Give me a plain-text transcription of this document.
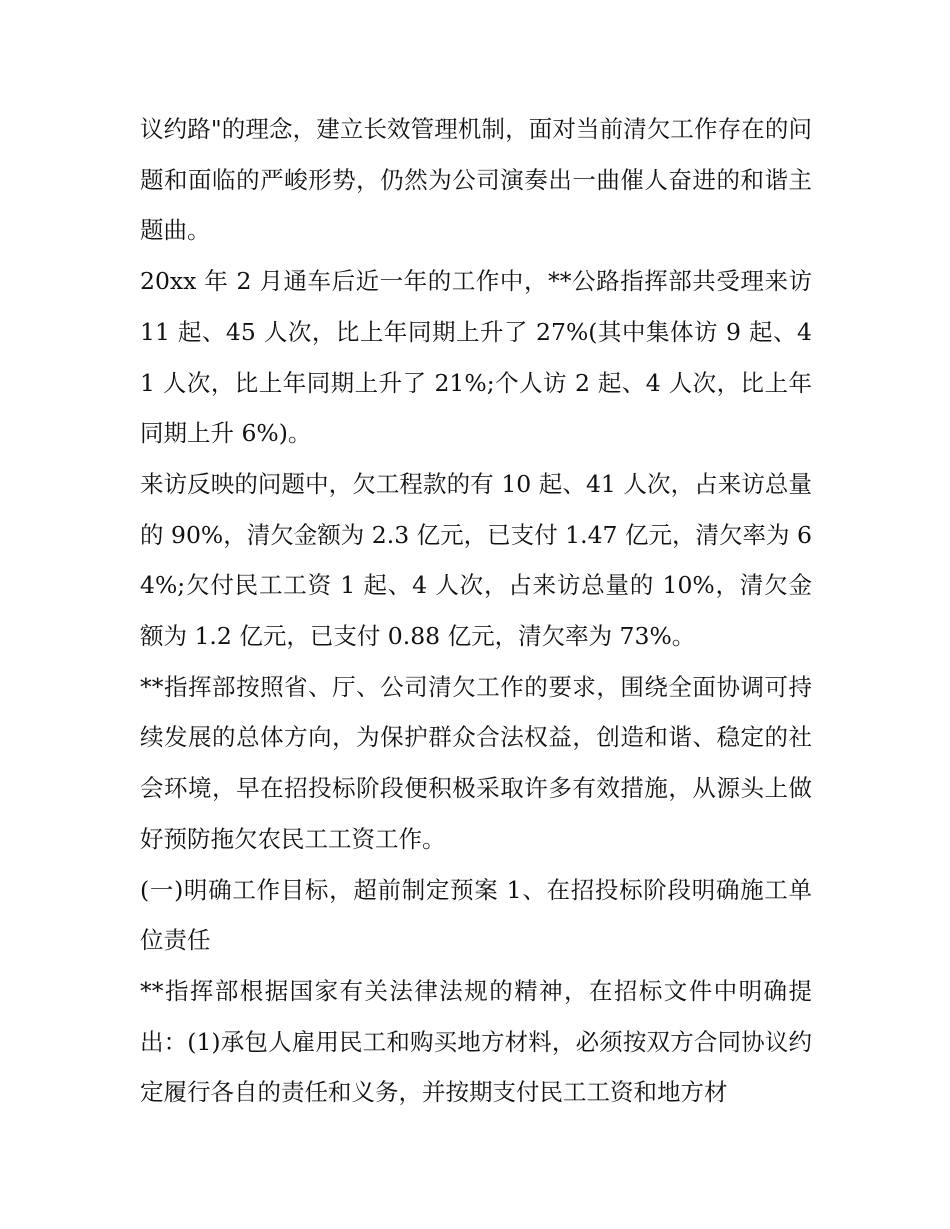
议约路"的理念，建立长效管理机制，面对当前清欠工作存在的问题和面临的严峻形势，仍然为公司演奏出一曲催人奋进的和谐主题曲。

20xx 年 2 月通车后近一年的工作中，**公路指挥部共受理来访 11 起、45 人次，比上年同期上升了 27%(其中集体访 9 起、41 人次，比上年同期上升了 21%;个人访 2 起、4 人次，比上年同期上升 6%)。

来访反映的问题中，欠工程款的有 10 起、41 人次，占来访总量的 90%，清欠金额为 2.3 亿元，已支付 1.47 亿元，清欠率为 64%;欠付民工工资 1 起、4 人次，占来访总量的 10%，清欠金额为 1.2 亿元，已支付 0.88 亿元，清欠率为 73%。

**指挥部按照省、厅、公司清欠工作的要求，围绕全面协调可持续发展的总体方向，为保护群众合法权益，创造和谐、稳定的社会环境，早在招投标阶段便积极采取许多有效措施，从源头上做好预防拖欠农民工工资工作。

(一)明确工作目标，超前制定预案 1、在招投标阶段明确施工单位责任

**指挥部根据国家有关法律法规的精神，在招标文件中明确提出：(1)承包人雇用民工和购买地方材料，必须按双方合同协议约定履行各自的责任和义务，并按期支付民工工资和地方材
